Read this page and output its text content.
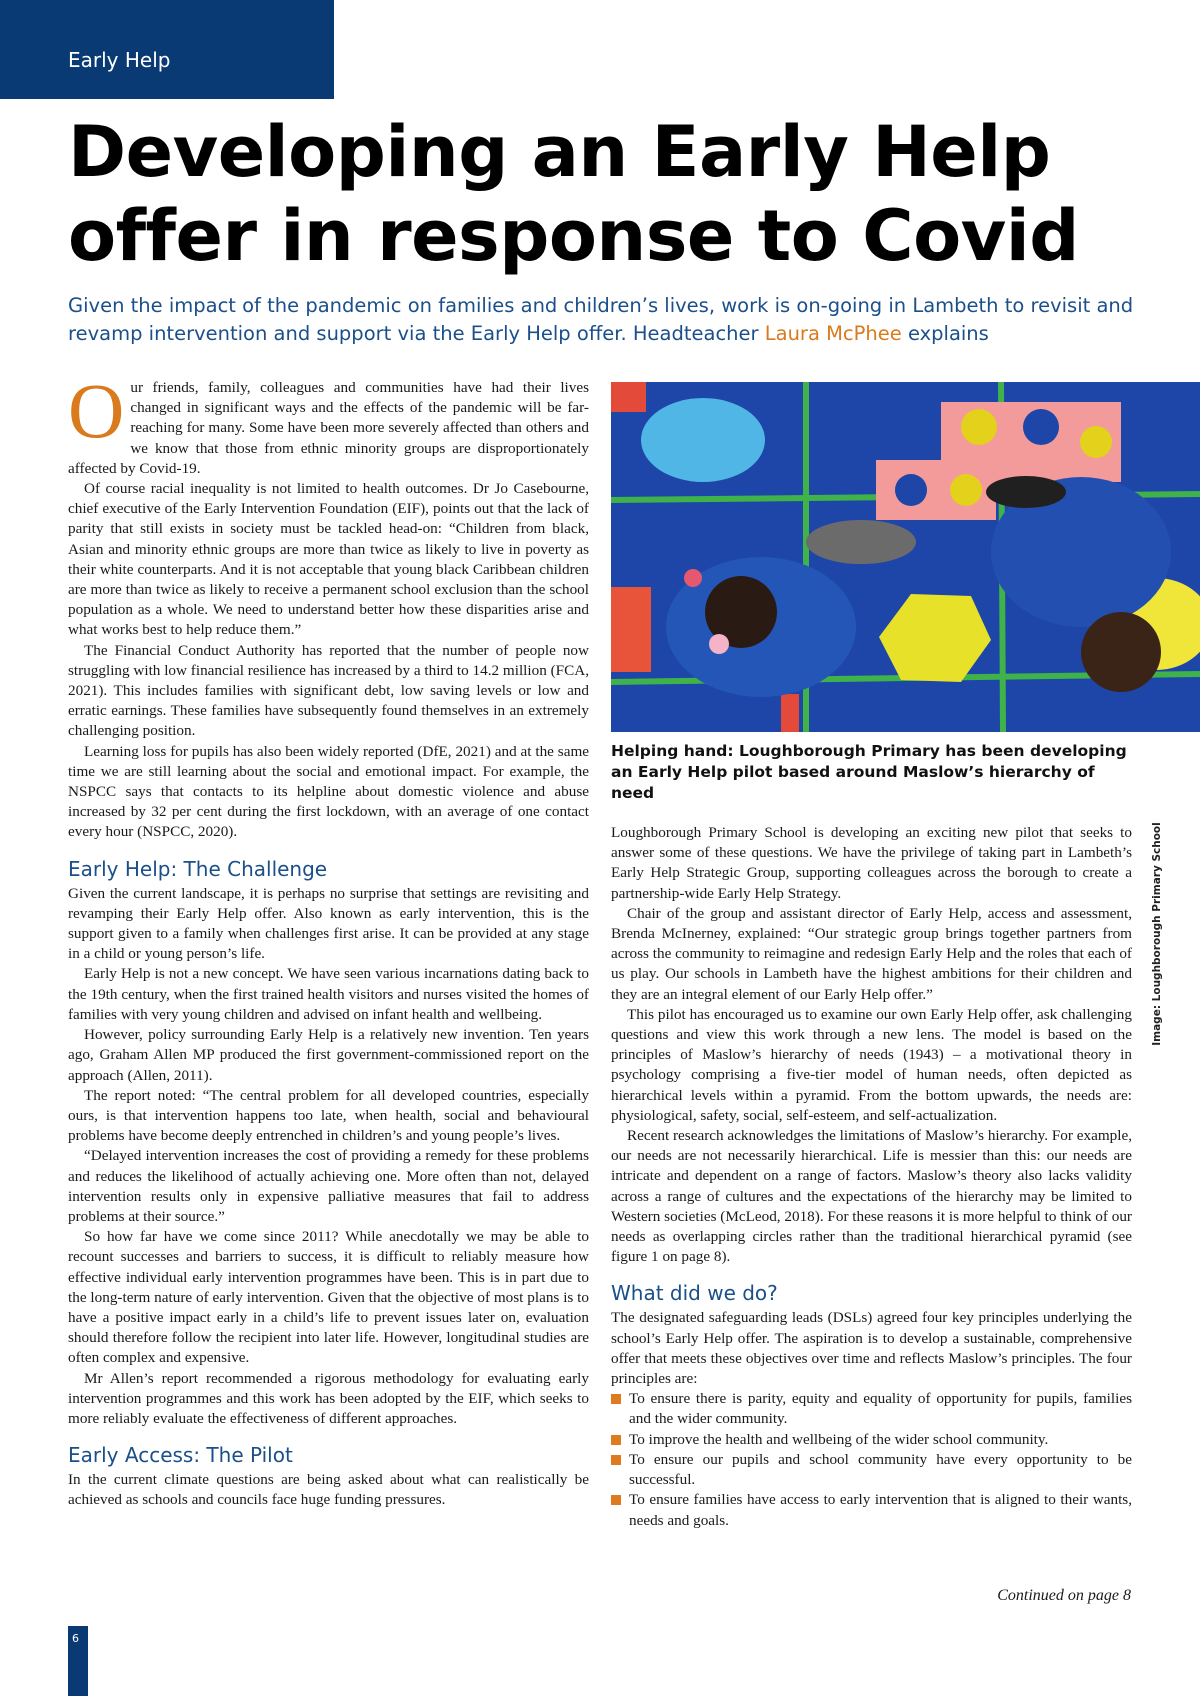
Early Help
Developing an Early Help
offer in response to Covid

Given the impact of the pandemic on families and children’s lives, work is on-going in Lambeth to revisit and revamp intervention and support via the Early Help offer. Headteacher Laura McPhee explains

Our friends, family, colleagues and communities have had their lives changed in significant ways and the effects of the pandemic will be far-reaching for many. Some have been more severely affected than others and we know that those from ethnic minority groups are disproportionately affected by Covid-19.

Of course racial inequality is not limited to health outcomes. Dr Jo Casebourne, chief executive of the Early Intervention Foundation (EIF), points out that the lack of parity that still exists in society must be tackled head-on: “Children from black, Asian and minority ethnic groups are more than twice as likely to live in poverty as their white counterparts. And it is not acceptable that young black Caribbean children are more than twice as likely to receive a permanent school exclusion than the school population as a whole. We need to understand better how these disparities arise and what works best to help reduce them.”

The Financial Conduct Authority has reported that the number of people now struggling with low financial resilience has increased by a third to 14.2 million (FCA, 2021). This includes families with significant debt, low saving levels or low and erratic earnings. These families have subsequently found themselves in an extremely challenging position.

Learning loss for pupils has also been widely reported (DfE, 2021) and at the same time we are still learning about the social and emotional impact. For example, the NSPCC says that contacts to its helpline about domestic violence and abuse increased by 32 per cent during the first lockdown, with an average of one contact every hour (NSPCC, 2020).

Early Help: The Challenge

Given the current landscape, it is perhaps no surprise that settings are revisiting and revamping their Early Help offer. Also known as early intervention, this is the support given to a family when challenges first arise. It can be provided at any stage in a child or young person’s life.

Early Help is not a new concept. We have seen various incarnations dating back to the 19th century, when the first trained health visitors and nurses visited the homes of families with very young children and advised on infant health and wellbeing.

However, policy surrounding Early Help is a relatively new invention. Ten years ago, Graham Allen MP produced the first government-commissioned report on the approach (Allen, 2011).

The report noted: “The central problem for all developed countries, especially ours, is that intervention happens too late, when health, social and behavioural problems have become deeply entrenched in children’s and young people’s lives.

“Delayed intervention increases the cost of providing a remedy for these problems and reduces the likelihood of actually achieving one. More often than not, delayed intervention results only in expensive palliative measures that fail to address problems at their source.”

So how far have we come since 2011? While anecdotally we may be able to recount successes and barriers to success, it is difficult to reliably measure how effective individual early intervention programmes have been. This is in part due to the long-term nature of early intervention. Given that the objective of most plans is to have a positive impact early in a child’s life to prevent issues later on, evaluation should therefore follow the recipient into later life. However, longitudinal studies are often complex and expensive.

Mr Allen’s report recommended a rigorous methodology for evaluating early intervention programmes and this work has been adopted by the EIF, which seeks to more reliably evaluate the effectiveness of different approaches.

Early Access: The Pilot

In the current climate questions are being asked about what can realistically be achieved as schools and councils face huge funding pressures.

Helping hand: Loughborough Primary has been developing an Early Help pilot based around Maslow’s hierarchy of need

Image: Loughborough Primary School

Loughborough Primary School is developing an exciting new pilot that seeks to answer some of these questions. We have the privilege of taking part in Lambeth’s Early Help Strategic Group, supporting colleagues across the borough to create a partnership-wide Early Help Strategy.

Chair of the group and assistant director of Early Help, access and assessment, Brenda McInerney, explained: “Our strategic group brings together partners from across the community to reimagine and redesign Early Help and the roles that each of us play. Our schools in Lambeth have the highest ambitions for their children and they are an integral element of our Early Help offer.”

This pilot has encouraged us to examine our own Early Help offer, ask challenging questions and view this work through a new lens. The model is based on the principles of Maslow’s hierarchy of needs (1943) – a motivational theory in psychology comprising a five-tier model of human needs, often depicted as hierarchical levels within a pyramid. From the bottom upwards, the needs are: physiological, safety, social, self-esteem, and self-actualization.

Recent research acknowledges the limitations of Maslow’s hierarchy. For example, our needs are not necessarily hierarchical. Life is messier than this: our needs are intricate and dependent on a range of factors. Maslow’s theory also lacks validity across a range of cultures and the expectations of the hierarchy may be limited to Western societies (McLeod, 2018). For these reasons it is more helpful to think of our needs as overlapping circles rather than the traditional hierarchical pyramid (see figure 1 on page 8).

What did we do?

The designated safeguarding leads (DSLs) agreed four key principles underlying the school’s Early Help offer. The aspiration is to develop a sustainable, comprehensive offer that meets these objectives over time and reflects Maslow’s principles. The four principles are:

To ensure there is parity, equity and equality of opportunity for pupils, families and the wider community.
To improve the health and wellbeing of the wider school community.
To ensure our pupils and school community have every opportunity to be successful.
To ensure families have access to early intervention that is aligned to their wants, needs and goals.

Continued on page 8

6
